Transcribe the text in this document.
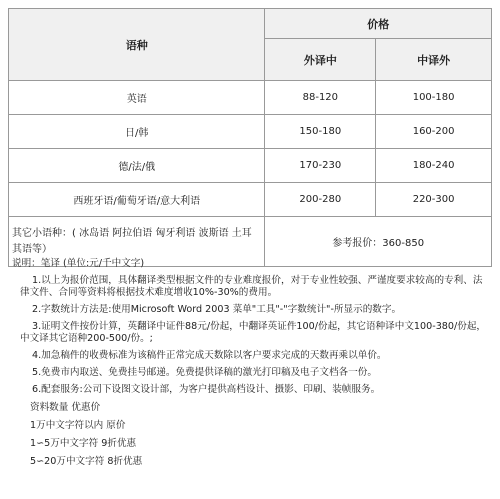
语种	价格	
	外译中	中译外
英语	88-120	100-180
日/韩	150-180	160-200
德/法/俄	170-230	180-240
西班牙语/葡萄牙语/意大利语	200-280	220-300
其它小语种：( 冰岛语 阿拉伯语 匈牙利语 波斯语 土耳其语等）	参考报价：360-850	
说明：笔译 (单位:元/千中文字)
1.以上为报价范围，具体翻译类型根据文件的专业难度报价，对于专业性较强、严谨度要求较高的专利、法律文件、合同等资料将根据技术难度增收10%-30%的费用。
2.字数统计方法是:使用Microsoft Word 2003 菜单"工具"-"字数统计"-所显示的数字。
3.证明文件按份计算，英翻译中证件88元/份起，中翻译英证件100/份起，其它语种译中文100-380/份起，中文译其它语种200-500/份。;
4.加急稿件的收费标准为该稿件正常完成天数除以客户要求完成的天数再乘以单价。
5.免费市内取送、免费挂号邮递。免费提供译稿的激光打印稿及电子文档各一份。
6.配套服务:公司下设图文设计部，为客户提供高档设计、摄影、印刷、装帧服务。
资料数量 优惠价
1万中文字符以内 原价
1∽5万中文字符 9折优惠
5∽20万中文字符 8折优惠
